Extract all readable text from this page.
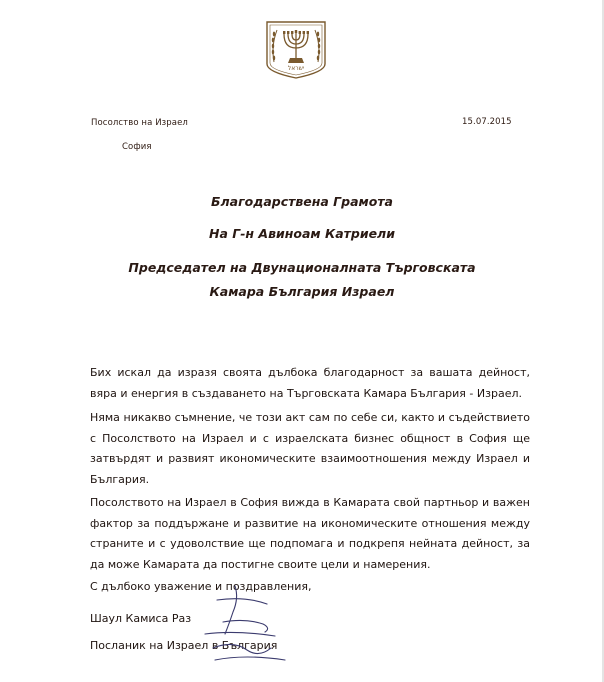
ישראל
Посолство на Израел
София
15.07.2015
Благодарствена Грамота
На Г-н Авиноам Катриели
Председател на Двунационалната Търговската
Камара България Израел
Бих искал да изразя своята дълбока благодарност за вашата дейност, вяра и енергия в създаването на Търговската Камара България - Израел.
Няма никакво съмнение, че този акт сам по себе си, както и съдействието с Посолството на Израел и с израелската бизнес общност в София ще затвърдят и развият икономическите взаимоотношения между Израел и България.
Посолството на Израел в София вижда в Камарата свой партньор и важен фактор за поддържане и развитие на икономическите отношения между страните и с удоволствие ще подпомага и подкрепя нейната дейност, за да може Камарата да постигне своите цели и намерения.
С дълбоко уважение и поздравления,
Шаул Камиса Раз
Посланик на Израел в България
